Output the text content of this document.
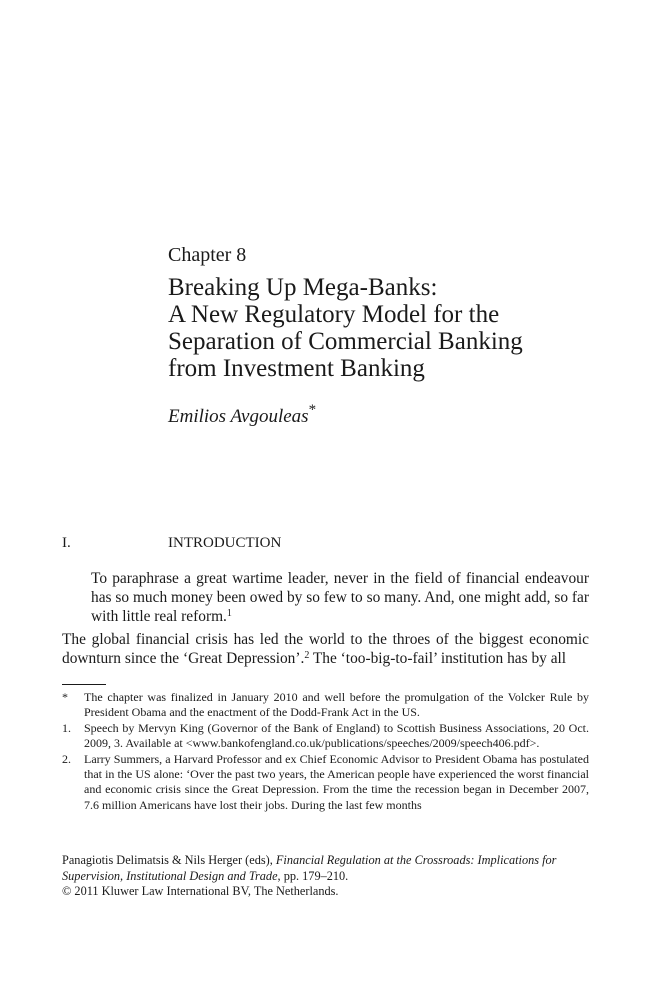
Chapter 8
Breaking Up Mega-Banks:
A New Regulatory Model for the
Separation of Commercial Banking
from Investment Banking
Emilios Avgouleas*
I.	INTRODUCTION
To paraphrase a great wartime leader, never in the field of financial endeavour has so much money been owed by so few to so many. And, one might add, so far with little real reform.$^1$
The global financial crisis has led the world to the throes of the biggest economic downturn since the ‘Great Depression’.$^2$ The ‘too-big-to-fail’ institution has by all
* The chapter was finalized in January 2010 and well before the promulgation of the Volcker Rule by President Obama and the enactment of the Dodd-Frank Act in the US.
1. Speech by Mervyn King (Governor of the Bank of England) to Scottish Business Associations, 20 Oct. 2009, 3. Available at <www.bankofengland.co.uk/publications/speeches/2009/speech406.pdf>.
2. Larry Summers, a Harvard Professor and ex Chief Economic Advisor to President Obama has postulated that in the US alone: ‘Over the past two years, the American people have experienced the worst financial and economic crisis since the Great Depression. From the time the recession began in December 2007, 7.6 million Americans have lost their jobs. During the last few months
Panagiotis Delimatsis & Nils Herger (eds), Financial Regulation at the Crossroads: Implications for Supervision, Institutional Design and Trade, pp. 179–210.
© 2011 Kluwer Law International BV, The Netherlands.
